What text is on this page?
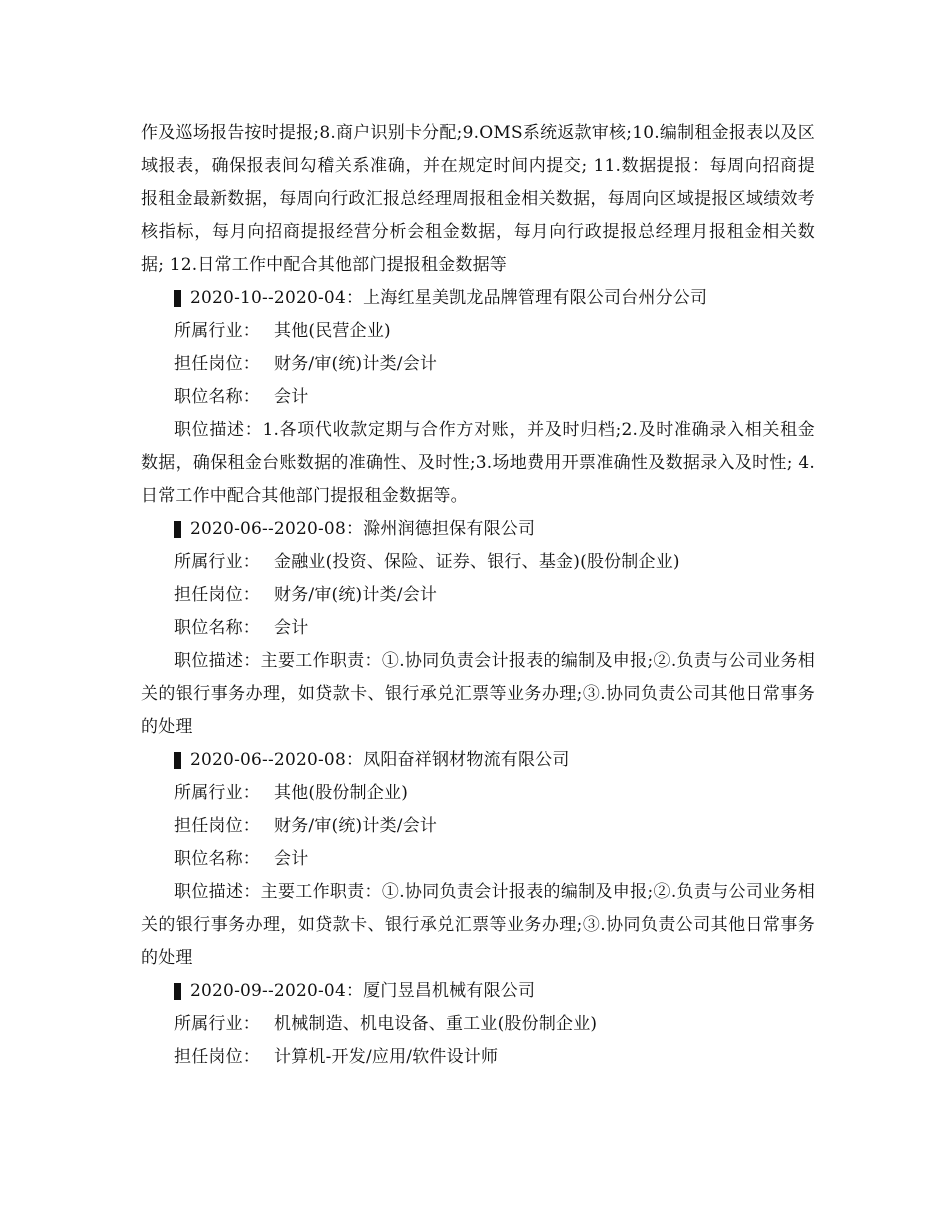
作及巡场报告按时提报;8.商户识别卡分配;9.OMS系统返款审核;10.编制租金报表以及区域报表，确保报表间勾稽关系准确，并在规定时间内提交; 11.数据提报：每周向招商提报租金最新数据，每周向行政汇报总经理周报租金相关数据，每周向区域提报区域绩效考核指标，每月向招商提报经营分析会租金数据，每月向行政提报总经理月报租金相关数据; 12.日常工作中配合其他部门提报租金数据等

2020-10--2020-04：上海红星美凯龙品牌管理有限公司台州分公司

所属行业： 其他(民营企业)

担任岗位： 财务/审(统)计类/会计

职位名称： 会计

职位描述：1.各项代收款定期与合作方对账，并及时归档;2.及时准确录入相关租金数据，确保租金台账数据的准确性、及时性;3.场地费用开票准确性及数据录入及时性; 4.日常工作中配合其他部门提报租金数据等。

2020-06--2020-08：滁州润德担保有限公司

所属行业： 金融业(投资、保险、证券、银行、基金)(股份制企业)

担任岗位： 财务/审(统)计类/会计

职位名称： 会计

职位描述：主要工作职责：①.协同负责会计报表的编制及申报;②.负责与公司业务相关的银行事务办理，如贷款卡、银行承兑汇票等业务办理;③.协同负责公司其他日常事务的处理

2020-06--2020-08：凤阳奋祥钢材物流有限公司

所属行业： 其他(股份制企业)

担任岗位： 财务/审(统)计类/会计

职位名称： 会计

职位描述：主要工作职责：①.协同负责会计报表的编制及申报;②.负责与公司业务相关的银行事务办理，如贷款卡、银行承兑汇票等业务办理;③.协同负责公司其他日常事务的处理

2020-09--2020-04：厦门昱昌机械有限公司

所属行业： 机械制造、机电设备、重工业(股份制企业)

担任岗位： 计算机-开发/应用/软件设计师
